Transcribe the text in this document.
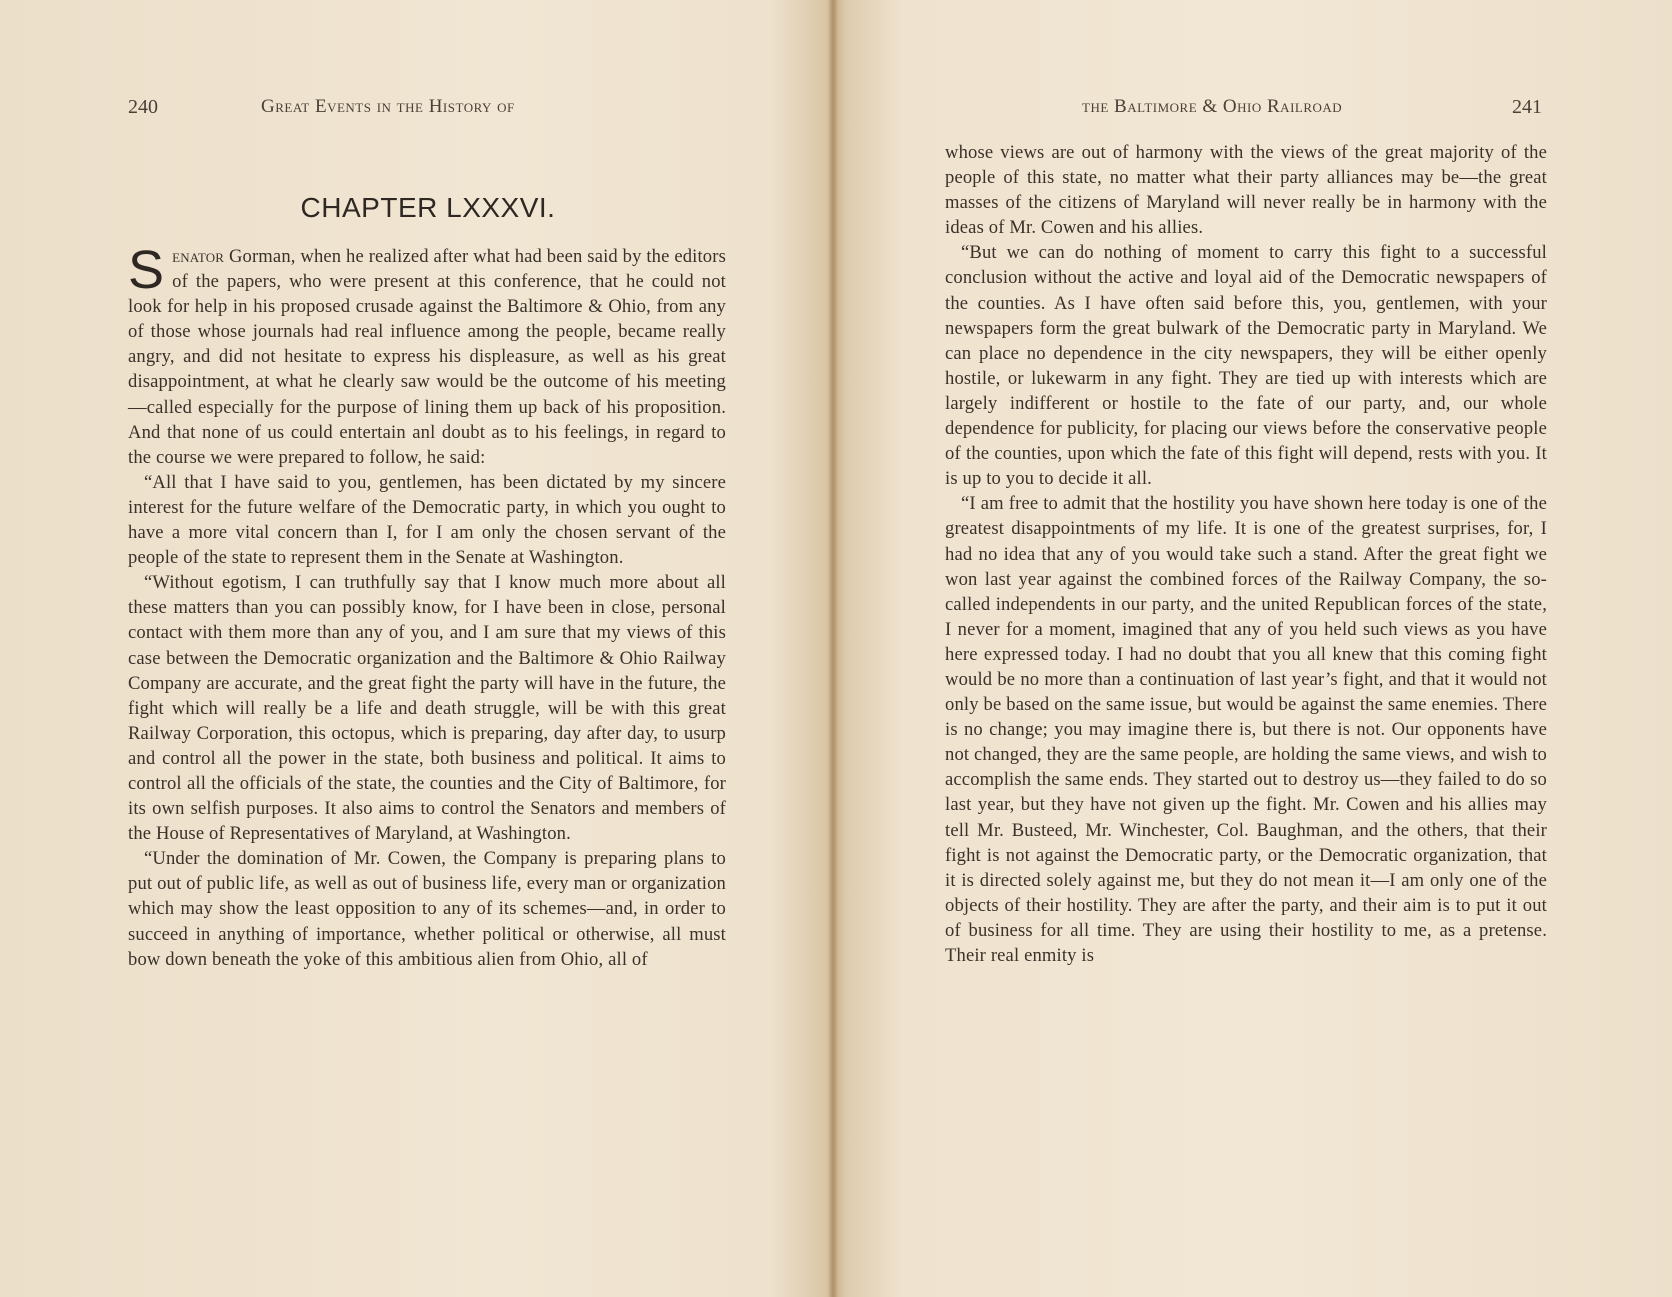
240	Great Events in the History of
CHAPTER LXXXVI.

Senator Gorman, when he realized after what had been said by the editors of the papers, who were present at this conference, that he could not look for help in his proposed crusade against the Baltimore & Ohio, from any of those whose journals had real influence among the people, became really angry, and did not hesitate to express his displeasure, as well as his great disappointment, at what he clearly saw would be the outcome of his meeting—called especially for the purpose of lining them up back of his proposition. And that none of us could entertain anl doubt as to his feelings, in regard to the course we were prepared to follow, he said:

“All that I have said to you, gentlemen, has been dictated by my sincere interest for the future welfare of the Democratic party, in which you ought to have a more vital concern than I, for I am only the chosen servant of the people of the state to represent them in the Senate at Washington.

“Without egotism, I can truthfully say that I know much more about all these matters than you can possibly know, for I have been in close, personal contact with them more than any of you, and I am sure that my views of this case between the Democratic organization and the Baltimore & Ohio Railway Company are accurate, and the great fight the party will have in the future, the fight which will really be a life and death struggle, will be with this great Railway Corporation, this octopus, which is preparing, day after day, to usurp and control all the power in the state, both business and political. It aims to control all the officials of the state, the counties and the City of Baltimore, for its own selfish purposes. It also aims to control the Senators and members of the House of Representatives of Maryland, at Washington.

“Under the domination of Mr. Cowen, the Company is preparing plans to put out of public life, as well as out of business life, every man or organization which may show the least opposition to any of its schemes—and, in order to succeed in anything of importance, whether political or otherwise, all must bow down beneath the yoke of this ambitious alien from Ohio, all of

the Baltimore & Ohio Railroad	241

whose views are out of harmony with the views of the great majority of the people of this state, no matter what their party alliances may be—the great masses of the citizens of Maryland will never really be in harmony with the ideas of Mr. Cowen and his allies.

“But we can do nothing of moment to carry this fight to a successful conclusion without the active and loyal aid of the Democratic newspapers of the counties. As I have often said before this, you, gentlemen, with your newspapers form the great bulwark of the Democratic party in Maryland. We can place no dependence in the city newspapers, they will be either openly hostile, or lukewarm in any fight. They are tied up with interests which are largely indifferent or hostile to the fate of our party, and, our whole dependence for publicity, for placing our views before the conservative people of the counties, upon which the fate of this fight will depend, rests with you. It is up to you to decide it all.

“I am free to admit that the hostility you have shown here today is one of the greatest disappointments of my life. It is one of the greatest surprises, for, I had no idea that any of you would take such a stand. After the great fight we won last year against the combined forces of the Railway Company, the so-called independents in our party, and the united Republican forces of the state, I never for a moment, imagined that any of you held such views as you have here expressed today. I had no doubt that you all knew that this coming fight would be no more than a continuation of last year’s fight, and that it would not only be based on the same issue, but would be against the same enemies. There is no change; you may imagine there is, but there is not. Our opponents have not changed, they are the same people, are holding the same views, and wish to accomplish the same ends. They started out to destroy us—they failed to do so last year, but they have not given up the fight. Mr. Cowen and his allies may tell Mr. Busteed, Mr. Winchester, Col. Baughman, and the others, that their fight is not against the Democratic party, or the Democratic organization, that it is directed solely against me, but they do not mean it—I am only one of the objects of their hostility. They are after the party, and their aim is to put it out of business for all time. They are using their hostility to me, as a pretense. Their real enmity is
